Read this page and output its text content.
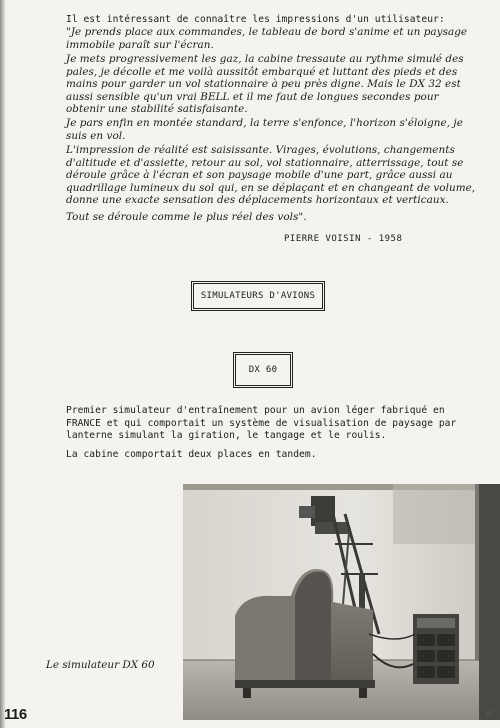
Il est intéressant de connaître les impressions d'un utilisateur:

"Je prends place aux commandes, le tableau de bord s'anime et un paysage immobile paraît sur l'écran.

Je mets progressivement les gaz, la cabine tressaute au rythme simulé des pales, je décolle et me voilà aussitôt embarqué et luttant des pieds et des mains pour garder un vol stationnaire à peu près digne. Mais le DX 32 est aussi sensible qu'un vrai BELL et il me faut de longues secondes pour obtenir une stabilité satisfaisante.

Je pars enfin en montée standard, la terre s'enfonce, l'horizon s'éloigne, je suis en vol.

L'impression de réalité est saisissante. Virages, évolutions, changements d'altitude et d'assiette, retour au sol, vol stationnaire, atterrissage, tout se déroule grâce à l'écran et son paysage mobile d'une part, grâce aussi au quadrillage lumineux du sol qui, en se déplaçant et en changeant de volume, donne une exacte sensation des déplacements horizontaux et verticaux.

Tout se déroule comme le plus réel des vols".

PIERRE VOISIN - 1958
SIMULATEURS D'AVIONS
DX 60

Premier simulateur d'entraînement pour un avion léger fabriqué en FRANCE et qui comportait un système de visualisation de paysage par lanterne simulant la giration, le tangage et le roulis.

La cabine comportait deux places en tandem.

Le simulateur DX 60
116	33
